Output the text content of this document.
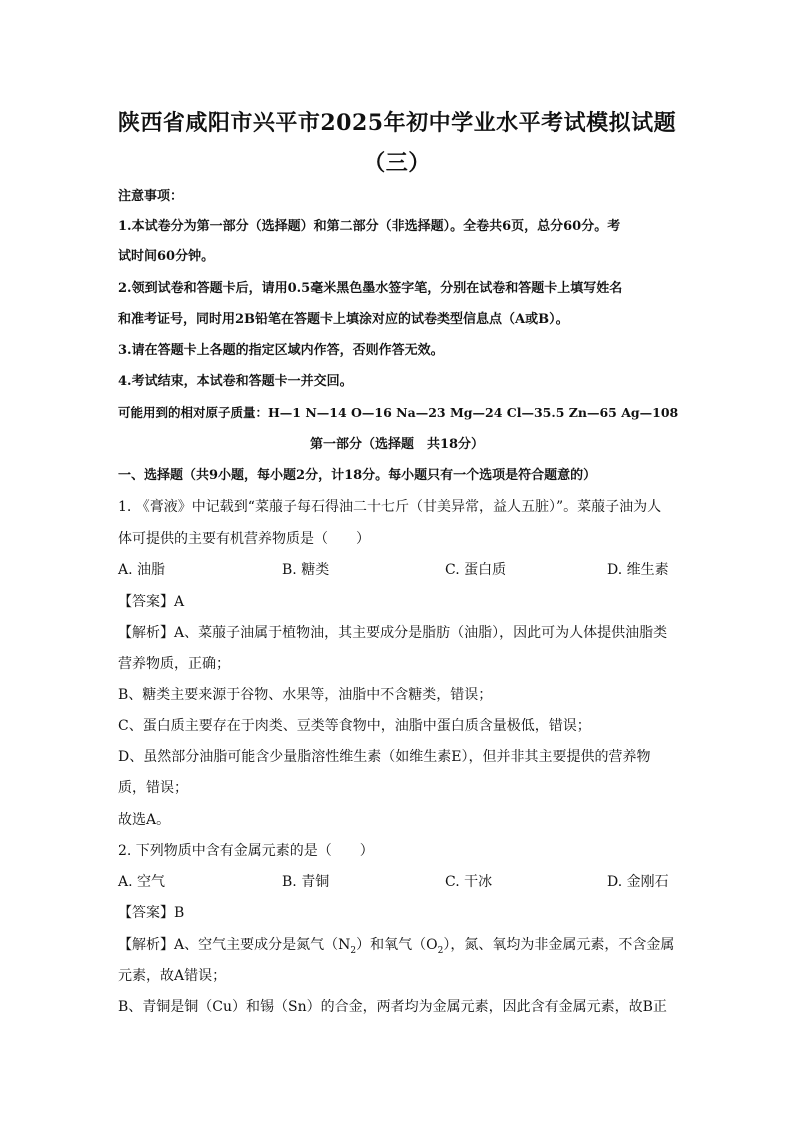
陕西省咸阳市兴平市2025年初中学业水平考试模拟试题
（三）
注意事项：
1.本试卷分为第一部分（选择题）和第二部分（非选择题）。全卷共6页，总分60分。考
试时间60分钟。
2.领到试卷和答题卡后，请用0.5毫米黑色墨水签字笔，分别在试卷和答题卡上填写姓名
和准考证号，同时用2B铅笔在答题卡上填涂对应的试卷类型信息点（A或B）。
3.请在答题卡上各题的指定区域内作答，否则作答无效。
4.考试结束，本试卷和答题卡一并交回。
可能用到的相对原子质量：H—1 N—14 O—16 Na—23 Mg—24 Cl—35.5 Zn—65 Ag—108
第一部分（选择题　共18分）
一、选择题（共9小题，每小题2分，计18分。每小题只有一个选项是符合题意的）
1. 《膏液》中记载到“菜菔子每石得油二十七斤（甘美异常，益人五脏）”。菜菔子油为人
体可提供的主要有机营养物质是（　　）
A. 油脂	B. 糖类	C. 蛋白质	D. 维生素
【答案】A
【解析】A、菜菔子油属于植物油，其主要成分是脂肪（油脂），因此可为人体提供油脂类
营养物质，正确；
B、糖类主要来源于谷物、水果等，油脂中不含糖类，错误；
C、蛋白质主要存在于肉类、豆类等食物中，油脂中蛋白质含量极低，错误；
D、虽然部分油脂可能含少量脂溶性维生素（如维生素E），但并非其主要提供的营养物
质，错误；
故选A。
2. 下列物质中含有金属元素的是（　　）
A. 空气	B. 青铜	C. 干冰	D. 金刚石
【答案】B
【解析】A、空气主要成分是氮气$(N_2)$和氧气$(O_2)$，氮、氧均为非金属元素，不含金属
元素，故A错误；
B、青铜是铜（Cu）和锡（Sn）的合金，两者均为金属元素，因此含有金属元素，故B正
